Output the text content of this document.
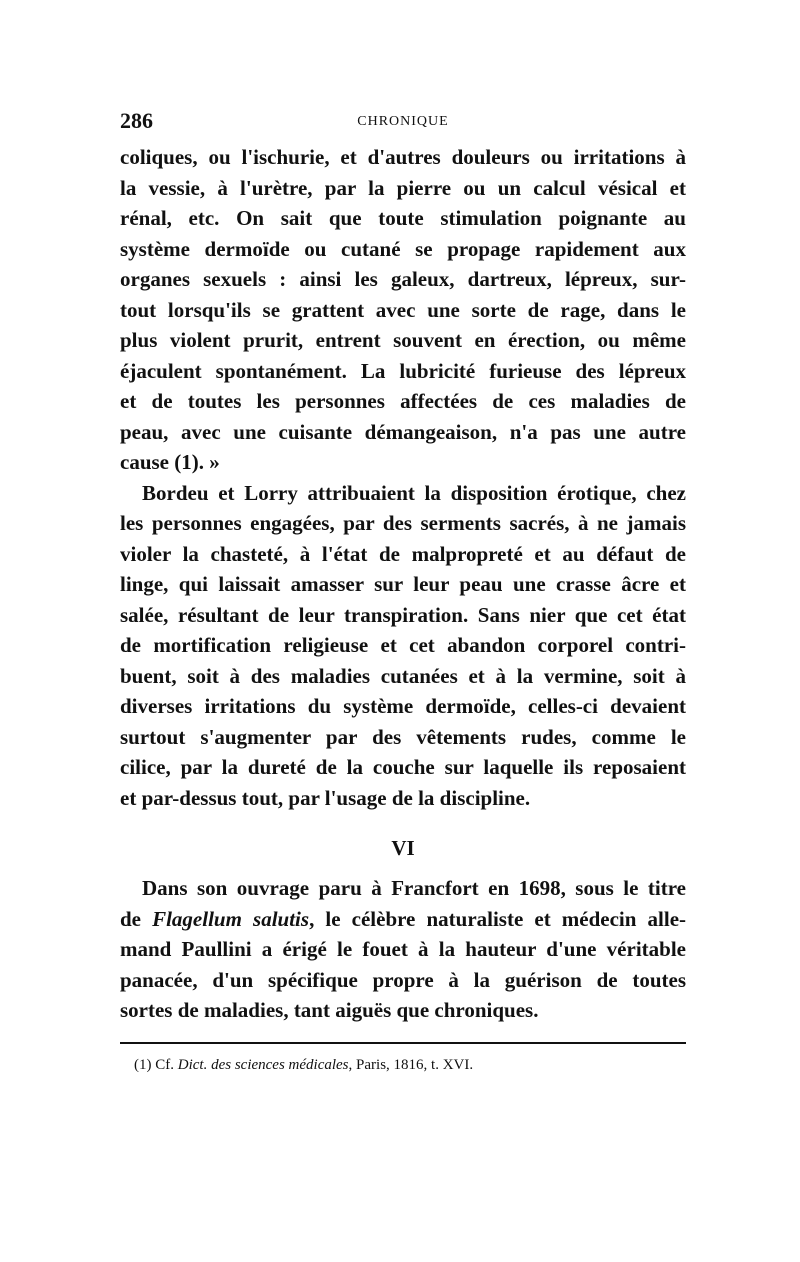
286	CHRONIQUE
coliques, ou l'ischurie, et d'autres douleurs ou irritations à
la vessie, à l'urètre, par la pierre ou un calcul vésical et
rénal, etc. On sait que toute stimulation poignante au
système dermoïde ou cutané se propage rapidement aux
organes sexuels : ainsi les galeux, dartreux, lépreux, sur-
tout lorsqu'ils se grattent avec une sorte de rage, dans le
plus violent prurit, entrent souvent en érection, ou même
éjaculent spontanément. La lubricité furieuse des lépreux
et de toutes les personnes affectées de ces maladies de
peau, avec une cuisante démangeaison, n'a pas une autre
cause (1). »
Bordeu et Lorry attribuaient la disposition érotique, chez
les personnes engagées, par des serments sacrés, à ne jamais
violer la chasteté, à l'état de malpropreté et au défaut de
linge, qui laissait amasser sur leur peau une crasse âcre et
salée, résultant de leur transpiration. Sans nier que cet état
de mortification religieuse et cet abandon corporel contri-
buent, soit à des maladies cutanées et à la vermine, soit à
diverses irritations du système dermoïde, celles-ci devaient
surtout s'augmenter par des vêtements rudes, comme le
cilice, par la dureté de la couche sur laquelle ils reposaient
et par-dessus tout, par l'usage de la discipline.
VI
Dans son ouvrage paru à Francfort en 1698, sous le titre
de Flagellum salutis, le célèbre naturaliste et médecin alle-
mand Paullini a érigé le fouet à la hauteur d'une véritable
panacée, d'un spécifique propre à la guérison de toutes
sortes de maladies, tant aiguës que chroniques.
(1) Cf. Dict. des sciences médicales, Paris, 1816, t. XVI.
